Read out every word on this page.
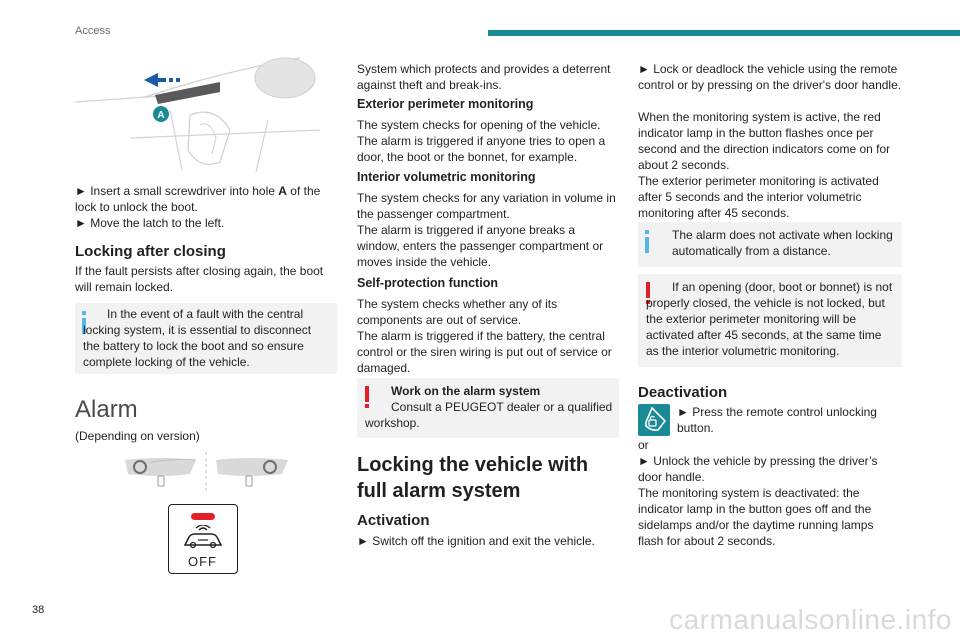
Access
A
► Insert a small screwdriver into hole A of the lock to unlock the boot.
► Move the latch to the left.
Locking after closing
If the fault persists after closing again, the boot will remain locked.
In the event of a fault with the central locking system, it is essential to disconnect the battery to lock the boot and so ensure complete locking of the vehicle.
Alarm
(Depending on version)
OFF
System which protects and provides a deterrent against theft and break-ins.
Exterior perimeter monitoring
The system checks for opening of the vehicle.
The alarm is triggered if anyone tries to open a door, the boot or the bonnet, for example.
Interior volumetric monitoring
The system checks for any variation in volume in the passenger compartment.
The alarm is triggered if anyone breaks a window, enters the passenger compartment or moves inside the vehicle.
Self-protection function
The system checks whether any of its components are out of service.
The alarm is triggered if the battery, the central control or the siren wiring is put out of service or damaged.
Work on the alarm system
Consult a PEUGEOT dealer or a qualified workshop.
Locking the vehicle with full alarm system
Activation
► Switch off the ignition and exit the vehicle.
► Lock or deadlock the vehicle using the remote control or by pressing on the driver's door handle.
When the monitoring system is active, the red indicator lamp in the button flashes once per second and the direction indicators come on for about 2 seconds.
The exterior perimeter monitoring is activated after 5 seconds and the interior volumetric monitoring after 45 seconds.
The alarm does not activate when locking automatically from a distance.
If an opening (door, boot or bonnet) is not properly closed, the vehicle is not locked, but the exterior perimeter monitoring will be activated after 45 seconds, at the same time as the interior volumetric monitoring.
Deactivation
► Press the remote control unlocking button.
or
► Unlock the vehicle by pressing the driver’s door handle.
The monitoring system is deactivated: the indicator lamp in the button goes off and the sidelamps and/or the daytime running lamps flash for about 2 seconds.
38	carmanualsonline.info
